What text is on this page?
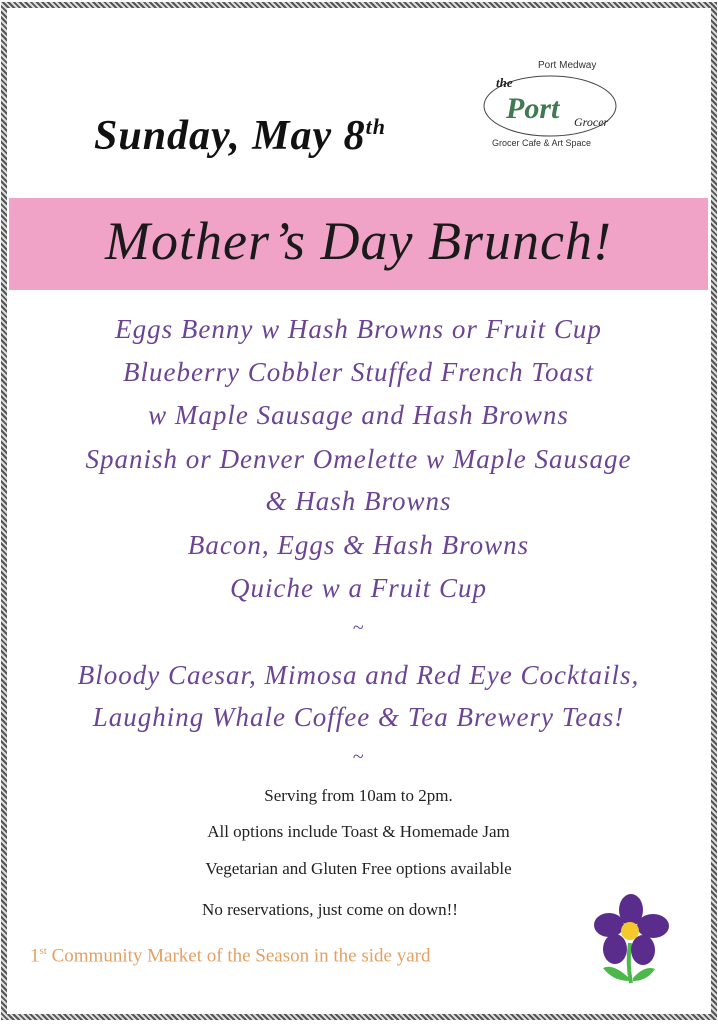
Port Medway
the
Port Grocer
Grocer Cafe & Art Space
Sunday, May 8th
Mother’s Day Brunch!
Eggs Benny w Hash Browns or Fruit Cup
Blueberry Cobbler Stuffed French Toast
w Maple Sausage and Hash Browns
Spanish or Denver Omelette w Maple Sausage
& Hash Browns
Bacon, Eggs & Hash Browns
Quiche w a Fruit Cup
~
Bloody Caesar, Mimosa and Red Eye Cocktails,
Laughing Whale Coffee & Tea Brewery Teas!
~
Serving from 10am to 2pm.
All options include Toast & Homemade Jam
Vegetarian and Gluten Free options available
No reservations, just come on down!!
1st Community Market of the Season in the side yard
